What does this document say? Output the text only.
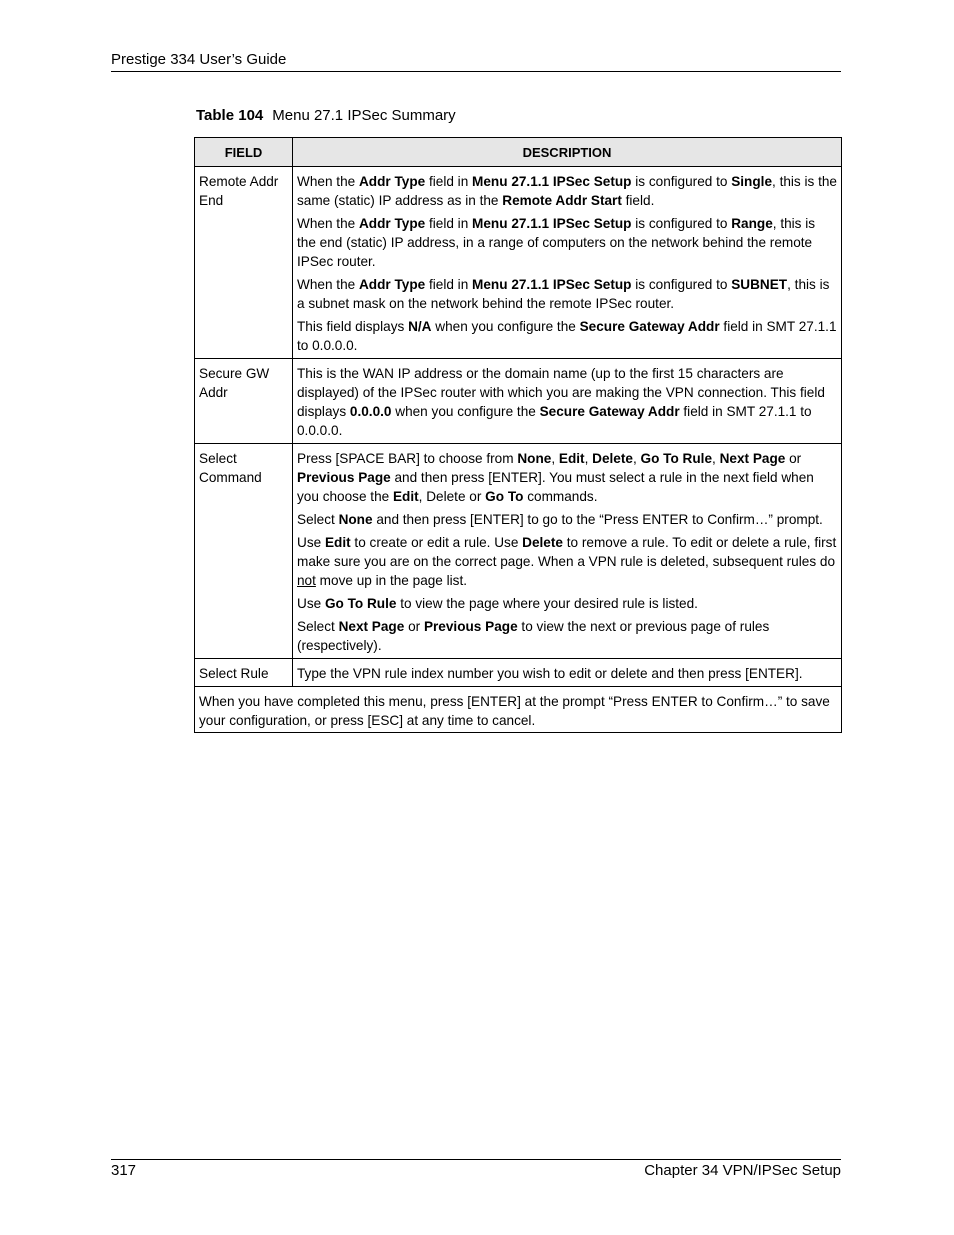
Prestige 334 User’s Guide
Table 104 Menu 27.1 IPSec Summary
FIELD	DESCRIPTION
Remote Addr End	When the Addr Type field in Menu 27.1.1 IPSec Setup is configured to Single, this is the same (static) IP address as in the Remote Addr Start field.

When the Addr Type field in Menu 27.1.1 IPSec Setup is configured to Range, this is the end (static) IP address, in a range of computers on the network behind the remote IPSec router.

When the Addr Type field in Menu 27.1.1 IPSec Setup is configured to SUBNET, this is a subnet mask on the network behind the remote IPSec router.

This field displays N/A when you configure the Secure Gateway Addr field in SMT 27.1.1 to 0.0.0.0.

Secure GW Addr	This is the WAN IP address or the domain name (up to the first 15 characters are displayed) of the IPSec router with which you are making the VPN connection. This field displays 0.0.0.0 when you configure the Secure Gateway Addr field in SMT 27.1.1 to 0.0.0.0.

Select Command	Press [SPACE BAR] to choose from None, Edit, Delete, Go To Rule, Next Page or Previous Page and then press [ENTER]. You must select a rule in the next field when you choose the Edit, Delete or Go To commands.

Select None and then press [ENTER] to go to the “Press ENTER to Confirm…” prompt.

Use Edit to create or edit a rule. Use Delete to remove a rule. To edit or delete a rule, first make sure you are on the correct page. When a VPN rule is deleted, subsequent rules do not move up in the page list.

Use Go To Rule to view the page where your desired rule is listed.

Select Next Page or Previous Page to view the next or previous page of rules (respectively).

Select Rule	Type the VPN rule index number you wish to edit or delete and then press [ENTER].

When you have completed this menu, press [ENTER] at the prompt “Press ENTER to Confirm…” to save your configuration, or press [ESC] at any time to cancel.	
317	Chapter 34 VPN/IPSec Setup
